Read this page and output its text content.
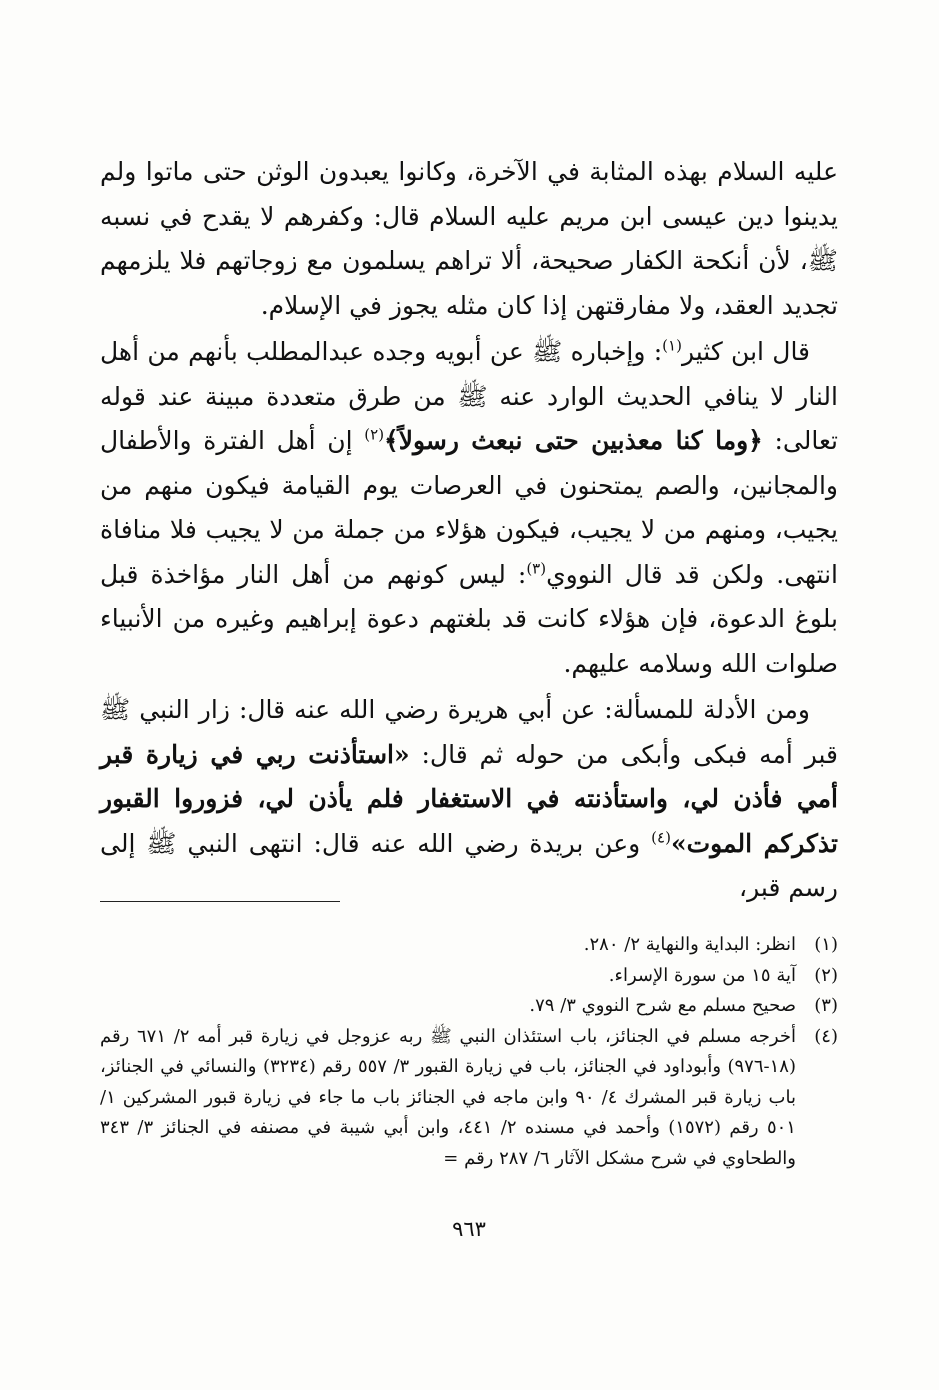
عليه السلام بهذه المثابة في الآخرة، وكانوا يعبدون الوثن حتى ماتوا ولم يدينوا دين عيسى ابن مريم عليه السلام قال: وكفرهم لا يقدح في نسبه ﷺ، لأن أنكحة الكفار صحيحة، ألا تراهم يسلمون مع زوجاتهم فلا يلزمهم تجديد العقد، ولا مفارقتهن إذا كان مثله يجوز في الإسلام.

قال ابن كثير$^{(١)}$: وإخباره ﷺ عن أبويه وجده عبدالمطلب بأنهم من أهل النار لا ينافي الحديث الوارد عنه ﷺ من طرق متعددة مبينة عند قوله تعالى: ﴿وما كنا معذبين حتى نبعث رسولاً﴾$^{(٢)}$ إن أهل الفترة والأطفال والمجانين، والصم يمتحنون في العرصات يوم القيامة فيكون منهم من يجيب، ومنهم من لا يجيب، فيكون هؤلاء من جملة من لا يجيب فلا منافاة انتهى. ولكن قد قال النووي$^{(٣)}$: ليس كونهم من أهل النار مؤاخذة قبل بلوغ الدعوة، فإن هؤلاء كانت قد بلغتهم دعوة إبراهيم وغيره من الأنبياء صلوات الله وسلامه عليهم.

ومن الأدلة للمسألة: عن أبي هريرة رضي الله عنه قال: زار النبي ﷺ قبر أمه فبكى وأبكى من حوله ثم قال: «استأذنت ربي في زيارة قبر أمي فأذن لي، واستأذنته في الاستغفار فلم يأذن لي، فزوروا القبور تذكركم الموت»$^{(٤)}$ وعن بريدة رضي الله عنه قال: انتهى النبي ﷺ إلى رسم قبر،

(١)
انظر: البداية والنهاية ٢/ ٢٨٠.
(٢)
آية ١٥ من سورة الإسراء.
(٣)
صحيح مسلم مع شرح النووي ٣/ ٧٩.
(٤)
أخرجه مسلم في الجنائز، باب استئذان النبي ﷺ ربه عزوجل في زيارة قبر أمه ٢/ ٦٧١ رقم (١٨-٩٧٦) وأبوداود في الجنائز، باب في زيارة القبور ٣/ ٥٥٧ رقم (٣٢٣٤) والنسائي في الجنائز، باب زيارة قبر المشرك ٤/ ٩٠ وابن ماجه في الجنائز باب ما جاء في زيارة قبور المشركين ١/ ٥٠١ رقم (١٥٧٢) وأحمد في مسنده ٢/ ٤٤١، وابن أبي شيبة في مصنفه في الجنائز ٣/ ٣٤٣ والطحاوي في شرح مشكل الآثار ٦/ ٢٨٧ رقم =
٩٦٣
